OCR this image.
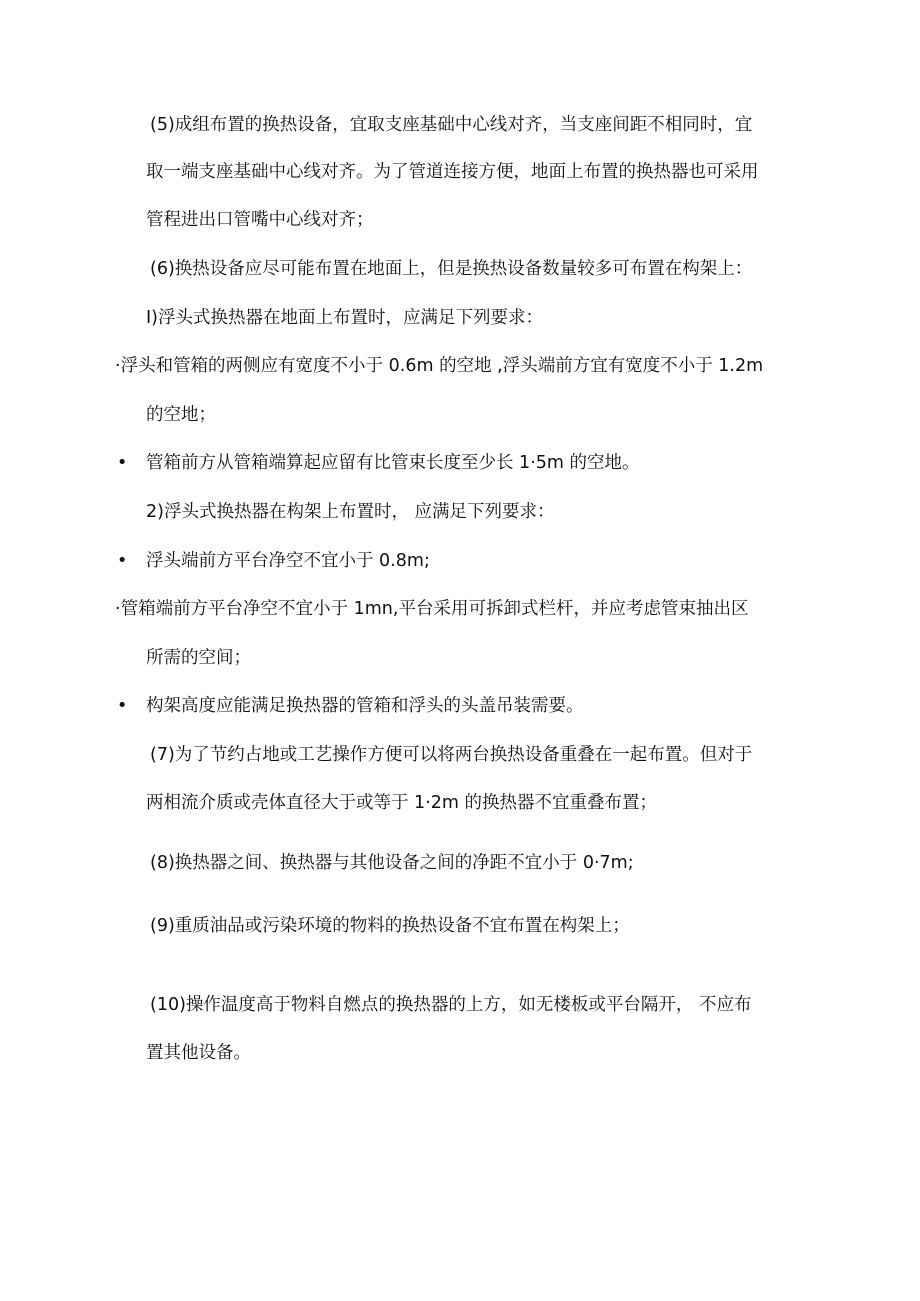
(5)成组布置的换热设备，宜取支座基础中心线对齐，当支座间距不相同时，宜
取一端支座基础中心线对齐。为了管道连接方便，地面上布置的换热器也可采用
管程进出口管嘴中心线对齐；
(6)换热设备应尽可能布置在地面上，但是换热设备数量较多可布置在构架上：
I)浮头式换热器在地面上布置时，应满足下列要求：
·浮头和管箱的两侧应有宽度不小于 0.6m 的空地 ,浮头端前方宜有宽度不小于 1.2m
的空地；
• 管箱前方从管箱端算起应留有比管束长度至少长 1·5m 的空地。
2)浮头式换热器在构架上布置时， 应满足下列要求：
• 浮头端前方平台净空不宜小于 0.8m;
·管箱端前方平台净空不宜小于 1mn,平台采用可拆卸式栏杆，并应考虑管束抽出区
所需的空间；
• 构架高度应能满足换热器的管箱和浮头的头盖吊装需要。
(7)为了节约占地或工艺操作方便可以将两台换热设备重叠在一起布置。但对于
两相流介质或壳体直径大于或等于 1·2m 的换热器不宜重叠布置；
(8)换热器之间、换热器与其他设备之间的净距不宜小于 0·7m;
(9)重质油品或污染环境的物料的换热设备不宜布置在构架上；
(10)操作温度高于物料自燃点的换热器的上方，如无楼板或平台隔开， 不应布
置其他设备。
